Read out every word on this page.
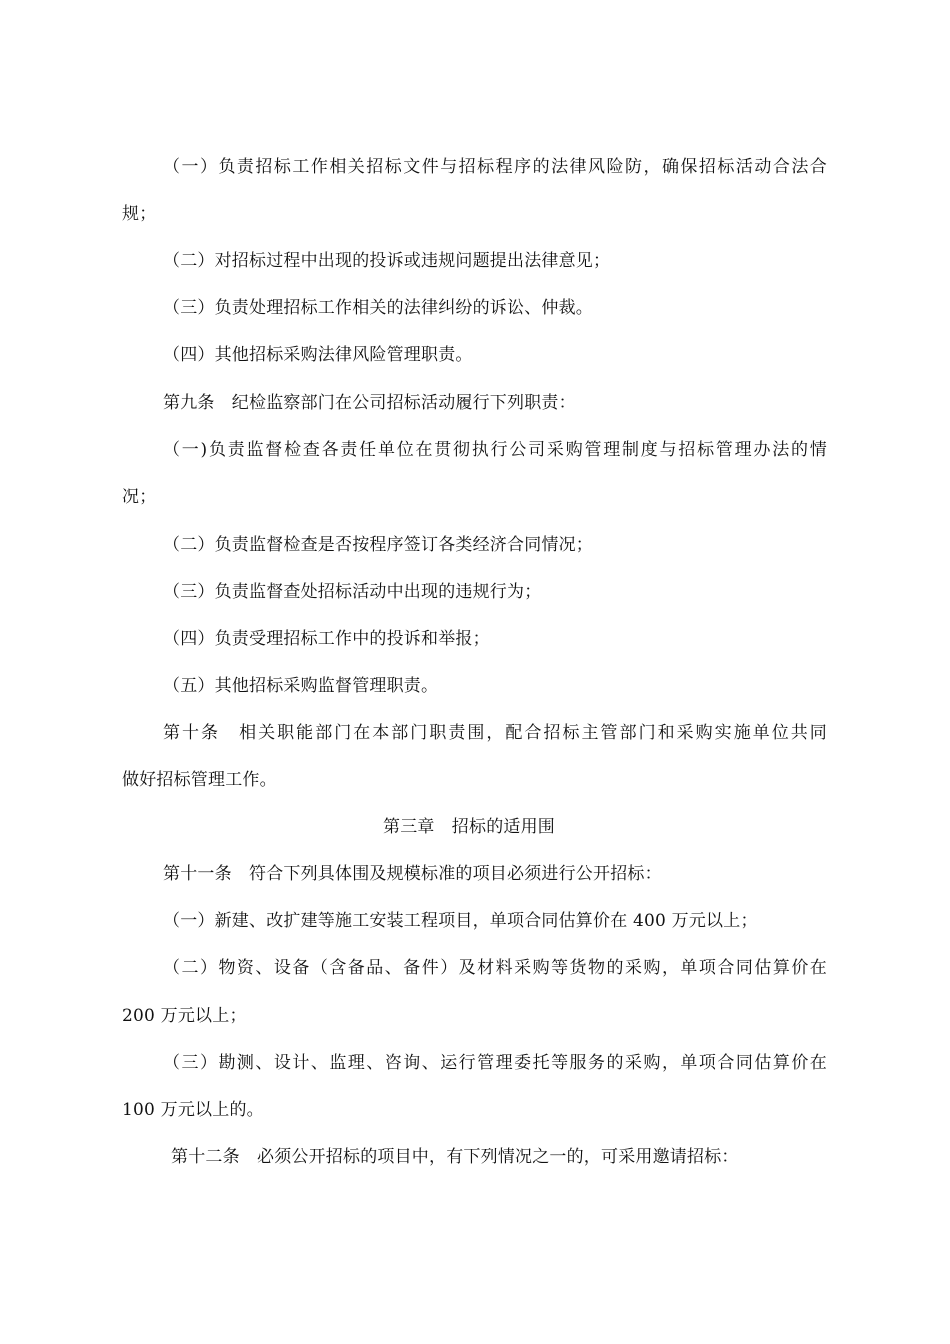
（一）负责招标工作相关招标文件与招标程序的法律风险防，确保招标活动合法合
规；
（二）对招标过程中出现的投诉或违规问题提出法律意见；
（三）负责处理招标工作相关的法律纠纷的诉讼、仲裁。
（四）其他招标采购法律风险管理职责。
第九条　纪检监察部门在公司招标活动履行下列职责：
（一)负责监督检查各责任单位在贯彻执行公司采购管理制度与招标管理办法的情
况；
（二）负责监督检查是否按程序签订各类经济合同情况；
（三）负责监督查处招标活动中出现的违规行为；
（四）负责受理招标工作中的投诉和举报；
（五）其他招标采购监督管理职责。
第十条　相关职能部门在本部门职责围，配合招标主管部门和采购实施单位共同
做好招标管理工作。
第三章　招标的适用围
第十一条　符合下列具体围及规模标准的项目必须进行公开招标：
（一）新建、改扩建等施工安装工程项目，单项合同估算价在 400 万元以上；
（二）物资、设备（含备品、备件）及材料采购等货物的采购，单项合同估算价在
200 万元以上；
（三）勘测、设计、监理、咨询、运行管理委托等服务的采购，单项合同估算价在
100 万元以上的。
第十二条　必须公开招标的项目中，有下列情况之一的，可采用邀请招标：
